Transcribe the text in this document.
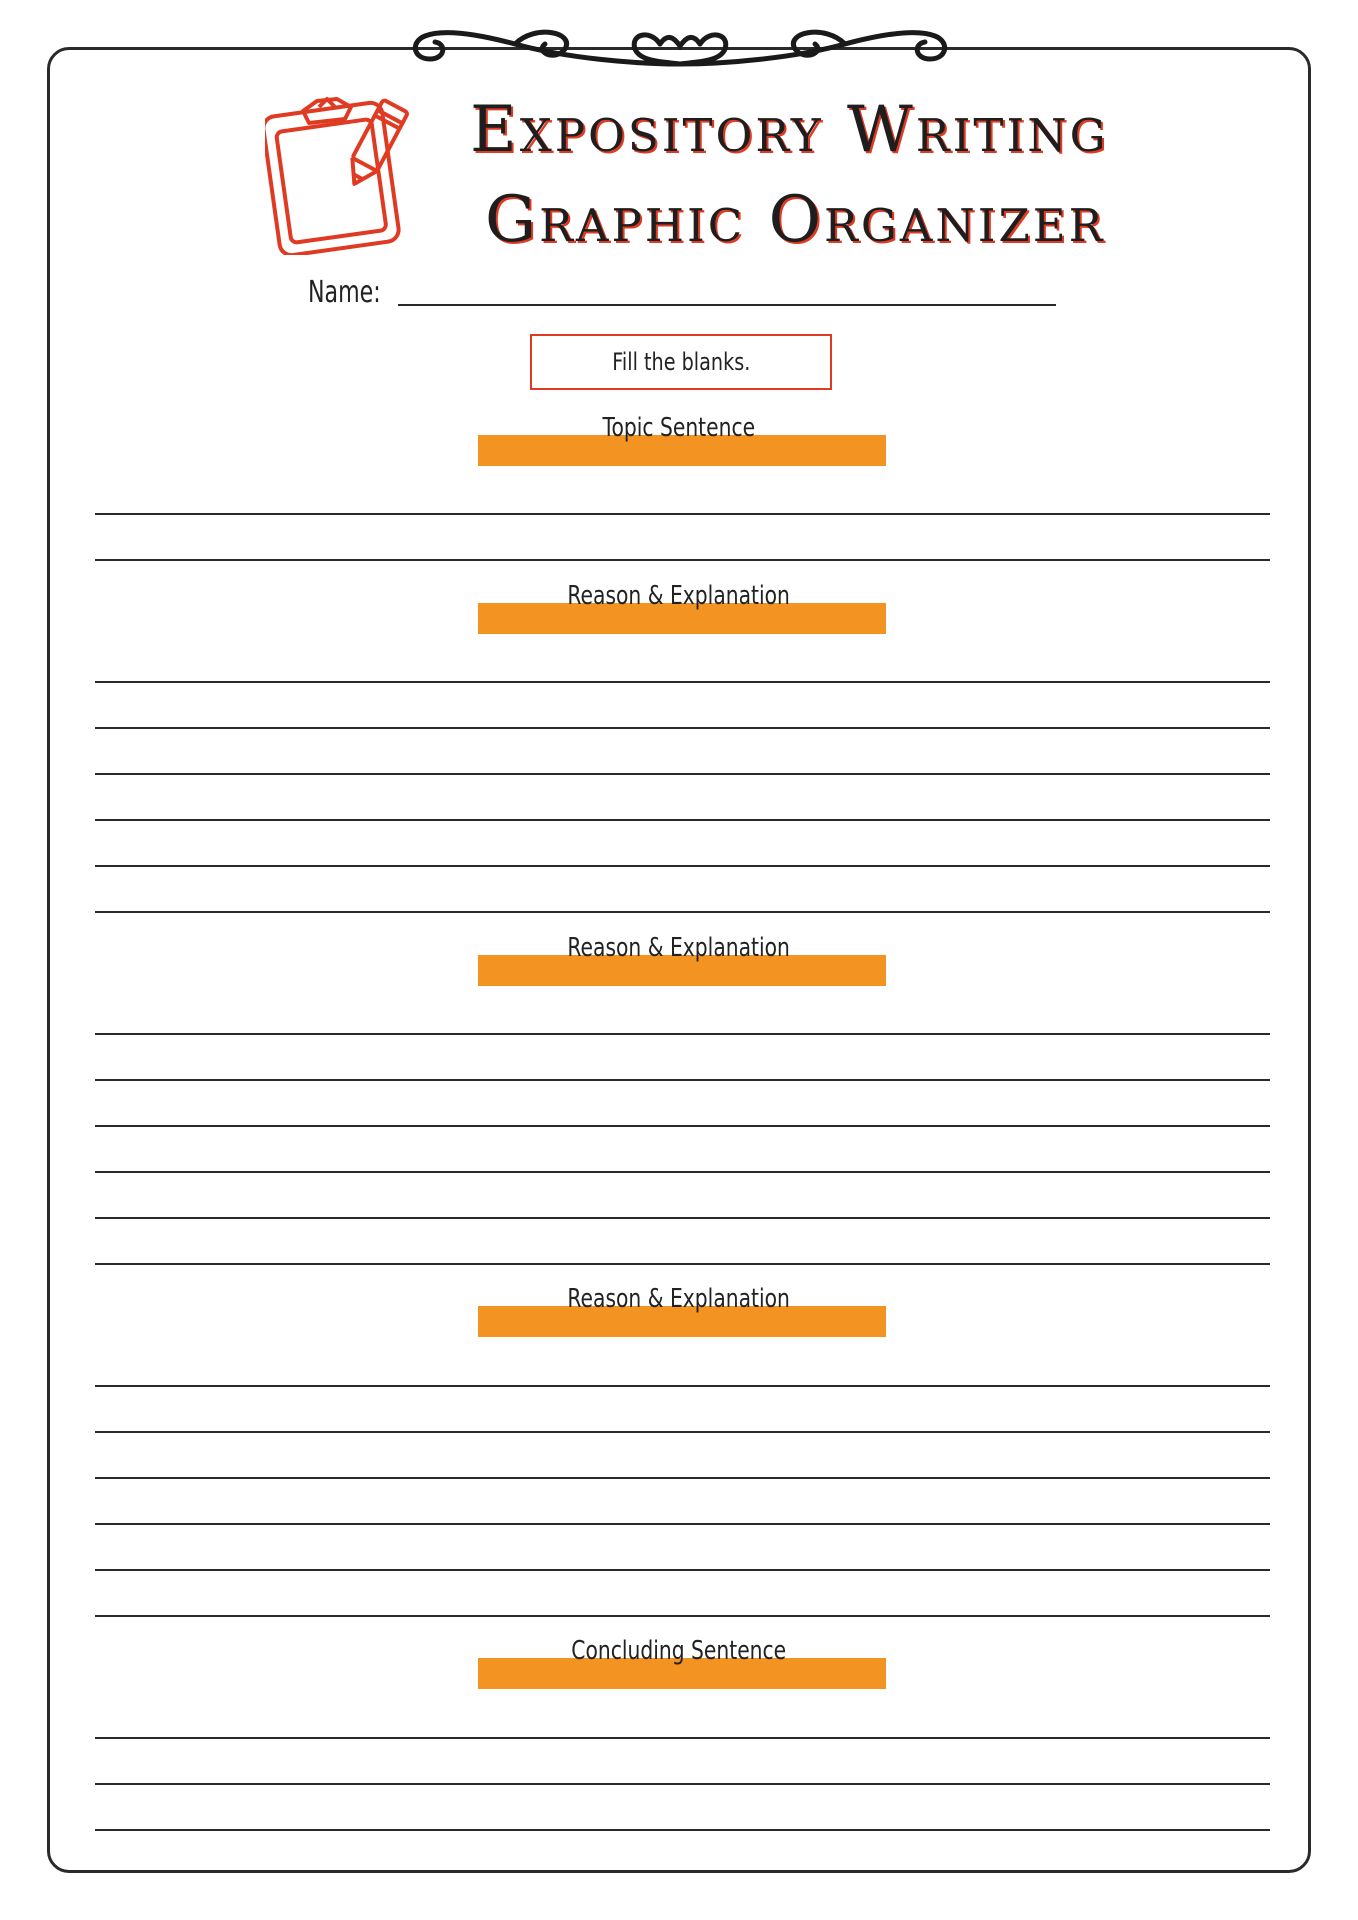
Expository Writing
Graphic Organizer
Name:
Fill the blanks.
Topic Sentence
Reason & Explanation
Reason & Explanation
Reason & Explanation
Concluding Sentence
